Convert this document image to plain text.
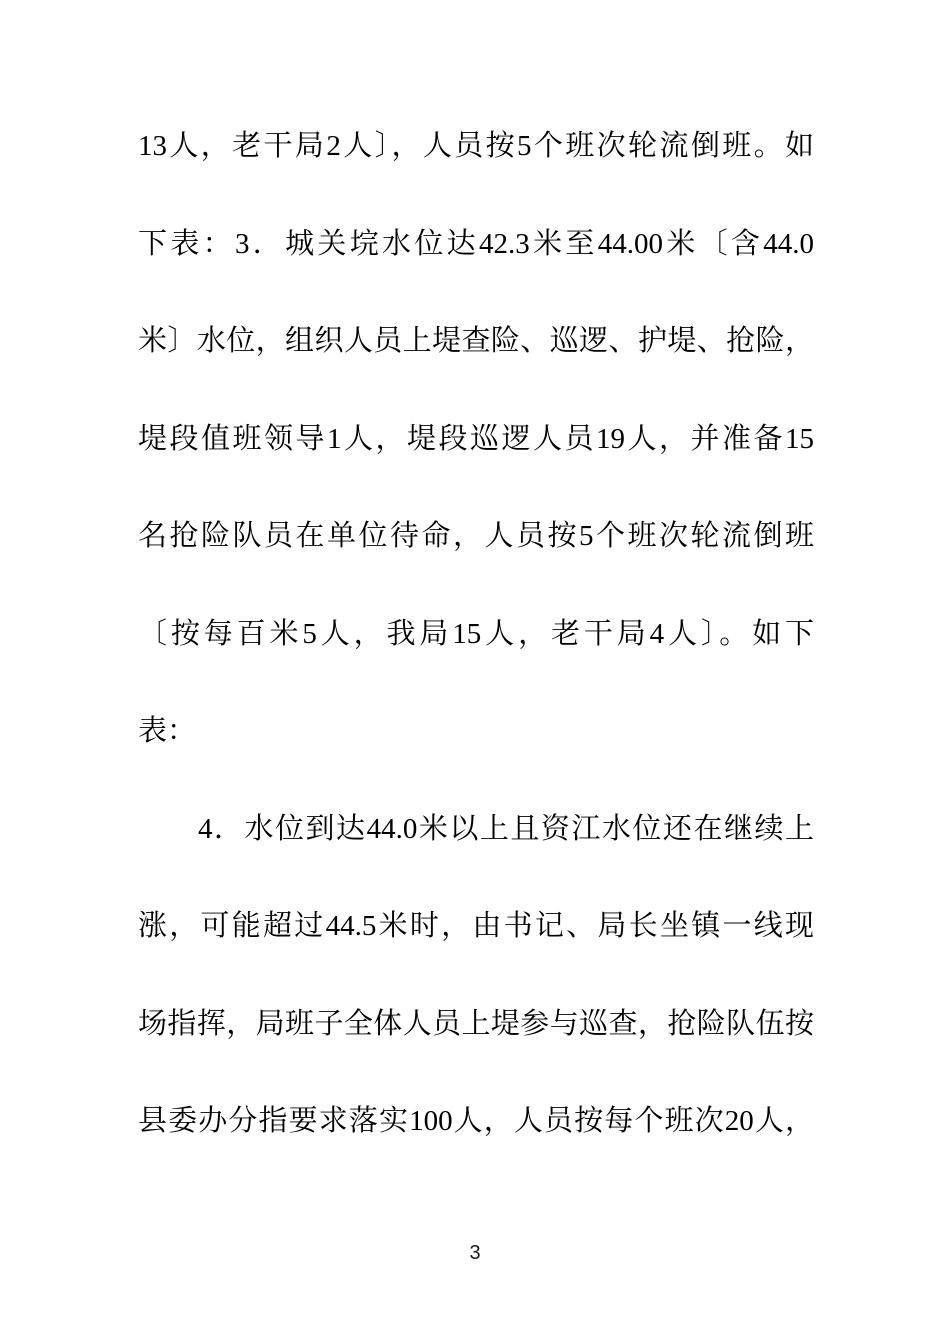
13人，老干局2人〕，人员按5个班次轮流倒班。如
下表：3．城关垸水位达42.3米至44.00米〔含44.0
米〕水位，组织人员上堤查险、巡逻、护堤、抢险，
堤段值班领导1人，堤段巡逻人员19人，并准备15
名抢险队员在单位待命，人员按5个班次轮流倒班
〔按每百米5人，我局15人，老干局4人〕。如下
表：
4．水位到达44.0米以上且资江水位还在继续上
涨，可能超过44.5米时，由书记、局长坐镇一线现
场指挥，局班子全体人员上堤参与巡查，抢险队伍按
县委办分指要求落实100人，人员按每个班次20人，
3
